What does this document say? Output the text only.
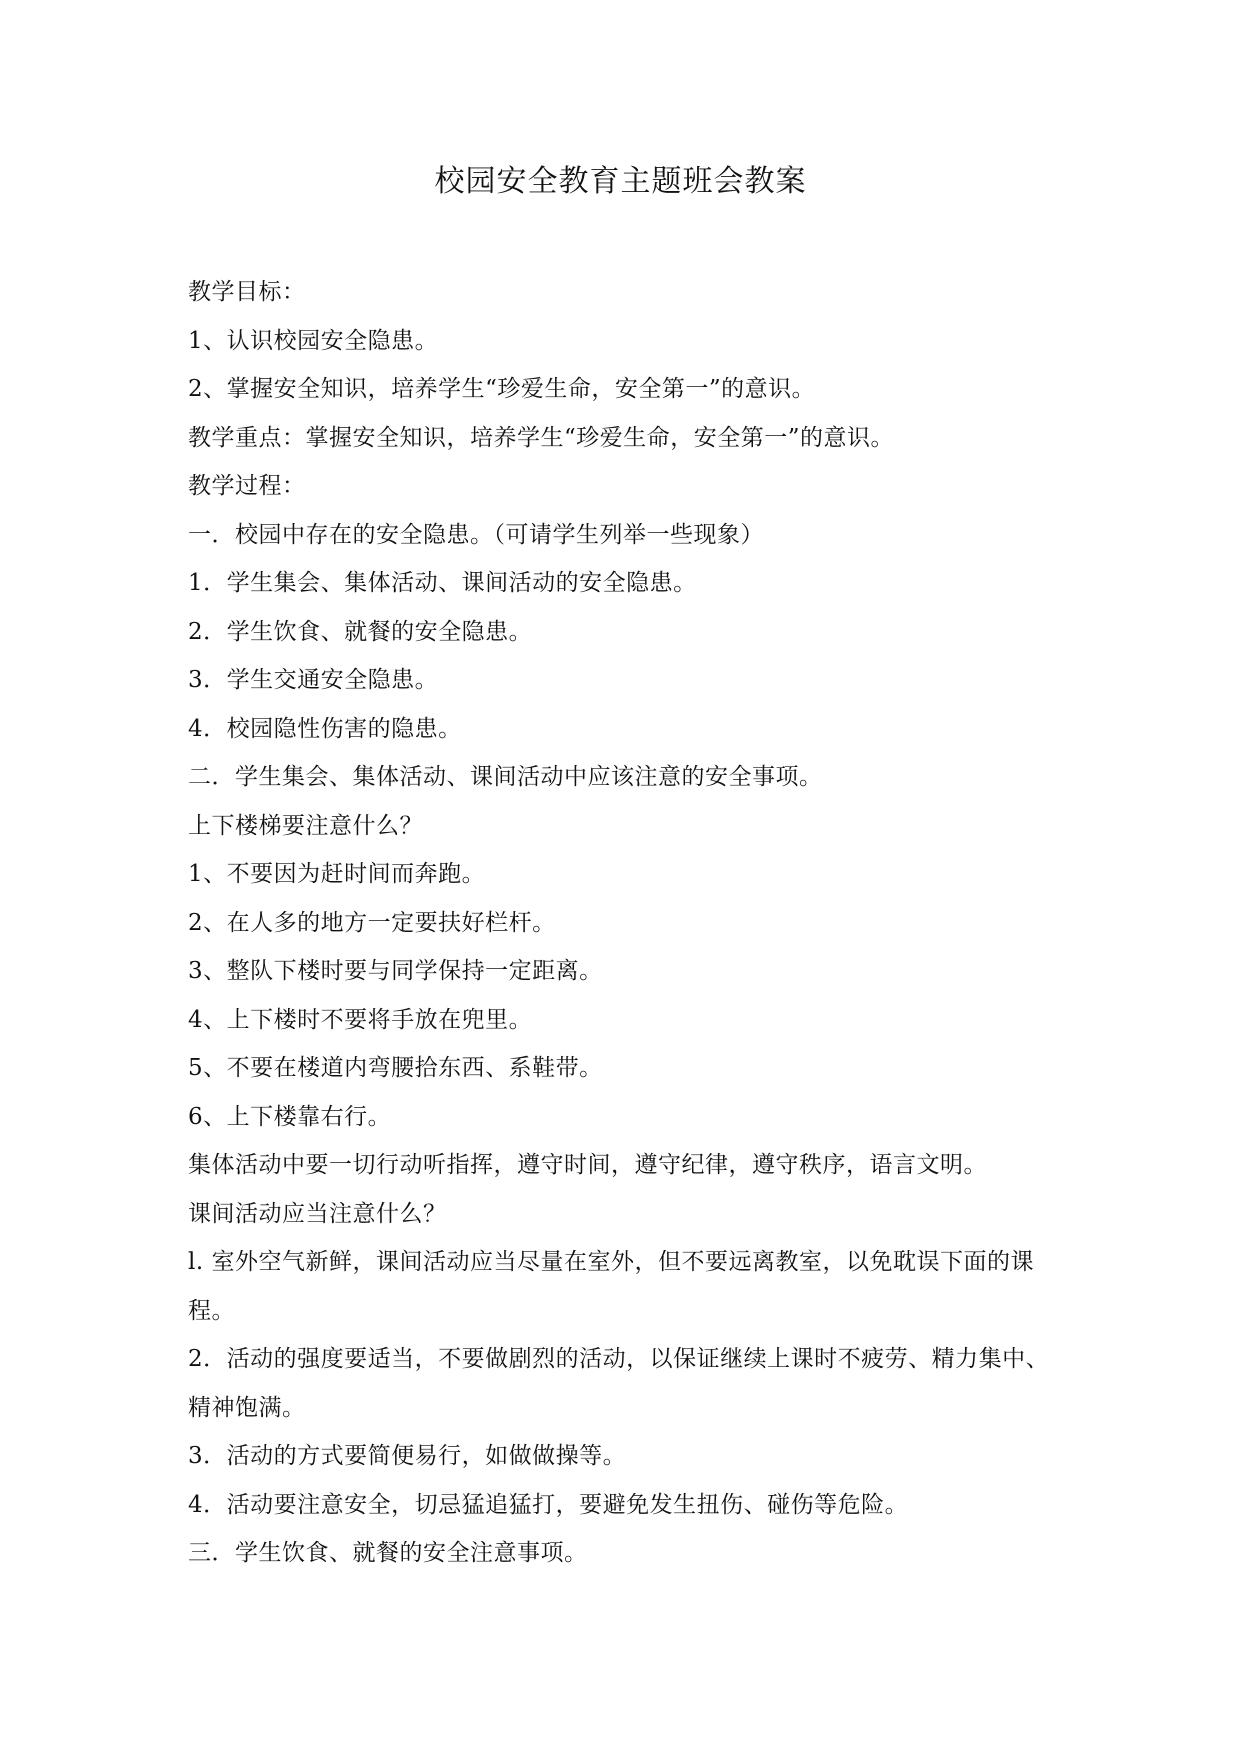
校园安全教育主题班会教案

教学目标：

1、认识校园安全隐患。

2、掌握安全知识，培养学生“珍爱生命，安全第一”的意识。

教学重点：掌握安全知识，培养学生“珍爱生命，安全第一”的意识。

教学过程：

一．校园中存在的安全隐患。（可请学生列举一些现象）

1．学生集会、集体活动、课间活动的安全隐患。

2．学生饮食、就餐的安全隐患。

3．学生交通安全隐患。

4．校园隐性伤害的隐患。

二．学生集会、集体活动、课间活动中应该注意的安全事项。

上下楼梯要注意什么？

1、不要因为赶时间而奔跑。

2、在人多的地方一定要扶好栏杆。

3、整队下楼时要与同学保持一定距离。

4、上下楼时不要将手放在兜里。

5、不要在楼道内弯腰拾东西、系鞋带。

6、上下楼靠右行。

集体活动中要一切行动听指挥，遵守时间，遵守纪律，遵守秩序，语言文明。

课间活动应当注意什么？

l. 室外空气新鲜，课间活动应当尽量在室外，但不要远离教室，以免耽误下面的课程。

2．活动的强度要适当，不要做剧烈的活动，以保证继续上课时不疲劳、精力集中、精神饱满。

3．活动的方式要简便易行，如做做操等。

4．活动要注意安全，切忌猛追猛打，要避免发生扭伤、碰伤等危险。

三．学生饮食、就餐的安全注意事项。
